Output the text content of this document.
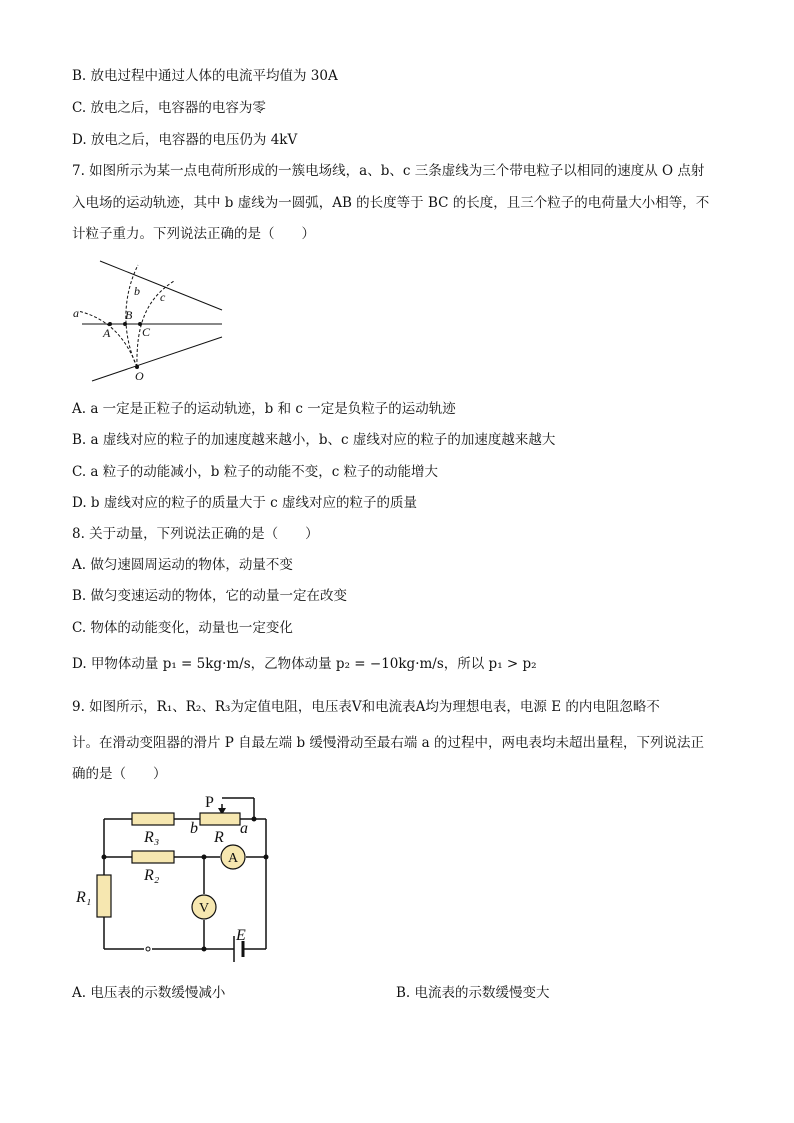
B. 放电过程中通过人体的电流平均值为 30A
C. 放电之后，电容器的电容为零
D. 放电之后，电容器的电压仍为 4kV
7. 如图所示为某一点电荷所形成的一簇电场线，a、b、c 三条虚线为三个带电粒子以相同的速度从 O 点射
入电场的运动轨迹，其中 b 虚线为一圆弧，AB 的长度等于 BC 的长度，且三个粒子的电荷量大小相等，不
计粒子重力。下列说法正确的是（　　）
a
b c
A
B
C
O
A. a 一定是正粒子的运动轨迹，b 和 c 一定是负粒子的运动轨迹
B. a 虚线对应的粒子的加速度越来越小，b、c 虚线对应的粒子的加速度越来越大
C. a 粒子的动能减小，b 粒子的动能不变，c 粒子的动能增大
D. b 虚线对应的粒子的质量大于 c 虚线对应的粒子的质量
8. 关于动量，下列说法正确的是（　　）
A. 做匀速圆周运动的物体，动量不变
B. 做匀变速运动的物体，它的动量一定在改变
C. 物体的动能变化，动量也一定变化
D. 甲物体动量 p₁ = 5kg·m/s，乙物体动量 p₂ = −10kg·m/s，所以 p₁ > p₂
9. 如图所示，R₁、R₂、R₃为定值电阻，电压表V和电流表A均为理想电表，电源 E 的内电阻忽略不
计。在滑动变阻器的滑片 P 自最左端 b 缓慢滑动至最右端 a 的过程中，两电表均未超出量程，下列说法正
确的是（　　）
P
R₃
b
R
a
R₂
R₁
E
A
V
A. 电压表的示数缓慢减小	B. 电流表的示数缓慢变大
